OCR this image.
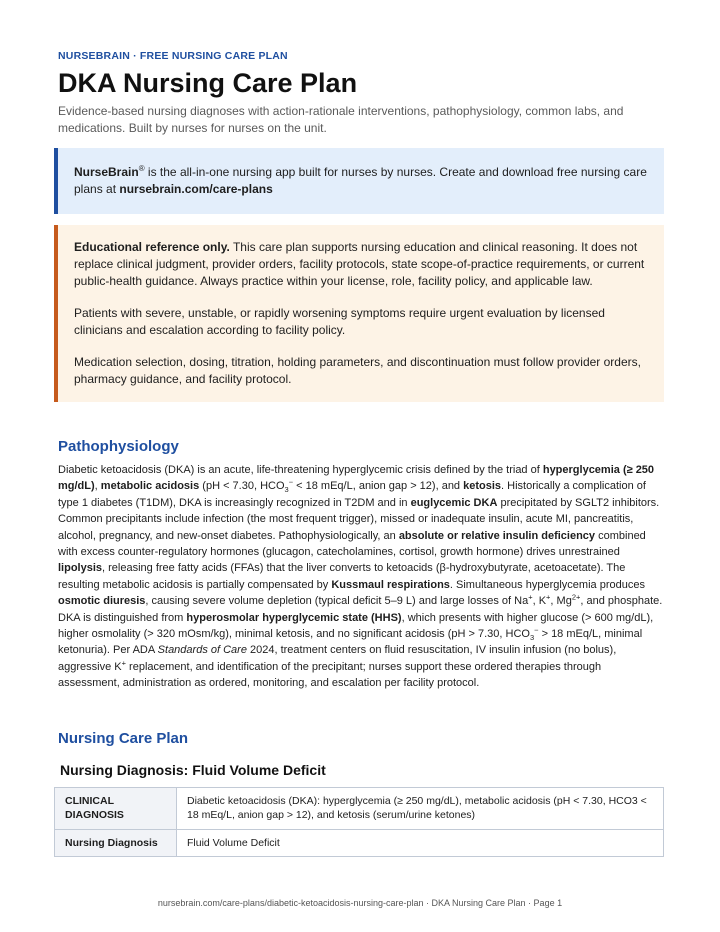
NURSEBRAIN · FREE NURSING CARE PLAN
DKA Nursing Care Plan

Evidence-based nursing diagnoses with action-rationale interventions, pathophysiology, common labs, and medications. Built by nurses for nurses on the unit.

NurseBrain® is the all-in-one nursing app built for nurses by nurses. Create and download free nursing care plans at nursebrain.com/care-plans

Educational reference only. This care plan supports nursing education and clinical reasoning. It does not replace clinical judgment, provider orders, facility protocols, state scope-of-practice requirements, or current public-health guidance. Always practice within your license, role, facility policy, and applicable law.

Patients with severe, unstable, or rapidly worsening symptoms require urgent evaluation by licensed clinicians and escalation according to facility policy.

Medication selection, dosing, titration, holding parameters, and discontinuation must follow provider orders, pharmacy guidance, and facility protocol.

Pathophysiology

Diabetic ketoacidosis (DKA) is an acute, life-threatening hyperglycemic crisis defined by the triad of hyperglycemia (≥ 250 mg/dL), metabolic acidosis (pH < 7.30, $HCO_3^- < 18$ mEq/L, anion gap > 12), and ketosis. Historically a complication of type 1 diabetes (T1DM), DKA is increasingly recognized in T2DM and in euglycemic DKA precipitated by SGLT2 inhibitors. Common precipitants include infection (the most frequent trigger), missed or inadequate insulin, acute MI, pancreatitis, alcohol, pregnancy, and new-onset diabetes. Pathophysiologically, an absolute or relative insulin deficiency combined with excess counter-regulatory hormones (glucagon, catecholamines, cortisol, growth hormone) drives unrestrained lipolysis, releasing free fatty acids (FFAs) that the liver converts to ketoacids (β-hydroxybutyrate, acetoacetate). The resulting metabolic acidosis is partially compensated by Kussmaul respirations. Simultaneous hyperglycemia produces osmotic diuresis, causing severe volume depletion (typical deficit 5–9 L) and large losses of Na+, K+, $Mg^{2+}$, and phosphate. DKA is distinguished from hyperosmolar hyperglycemic state (HHS), which presents with higher glucose (> 600 mg/dL), higher osmolality (> 320 mOsm/kg), minimal ketosis, and no significant acidosis (pH > 7.30, $HCO_3^- > 18$ mEq/L, minimal ketonuria). Per ADA Standards of Care 2024, treatment centers on fluid resuscitation, IV insulin infusion (no bolus), aggressive K+ replacement, and identification of the precipitant; nurses support these ordered therapies through assessment, administration as ordered, monitoring, and escalation per facility protocol.

Nursing Care Plan
Nursing Diagnosis: Fluid Volume Deficit
CLINICAL DIAGNOSIS	Diabetic ketoacidosis (DKA): hyperglycemia (≥ 250 mg/dL), metabolic acidosis (pH < 7.30, HCO3 < 18 mEq/L, anion gap > 12), and ketosis (serum/urine ketones)
Nursing Diagnosis	Fluid Volume Deficit
nursebrain.com/care-plans/diabetic-ketoacidosis-nursing-care-plan · DKA Nursing Care Plan · Page 1
